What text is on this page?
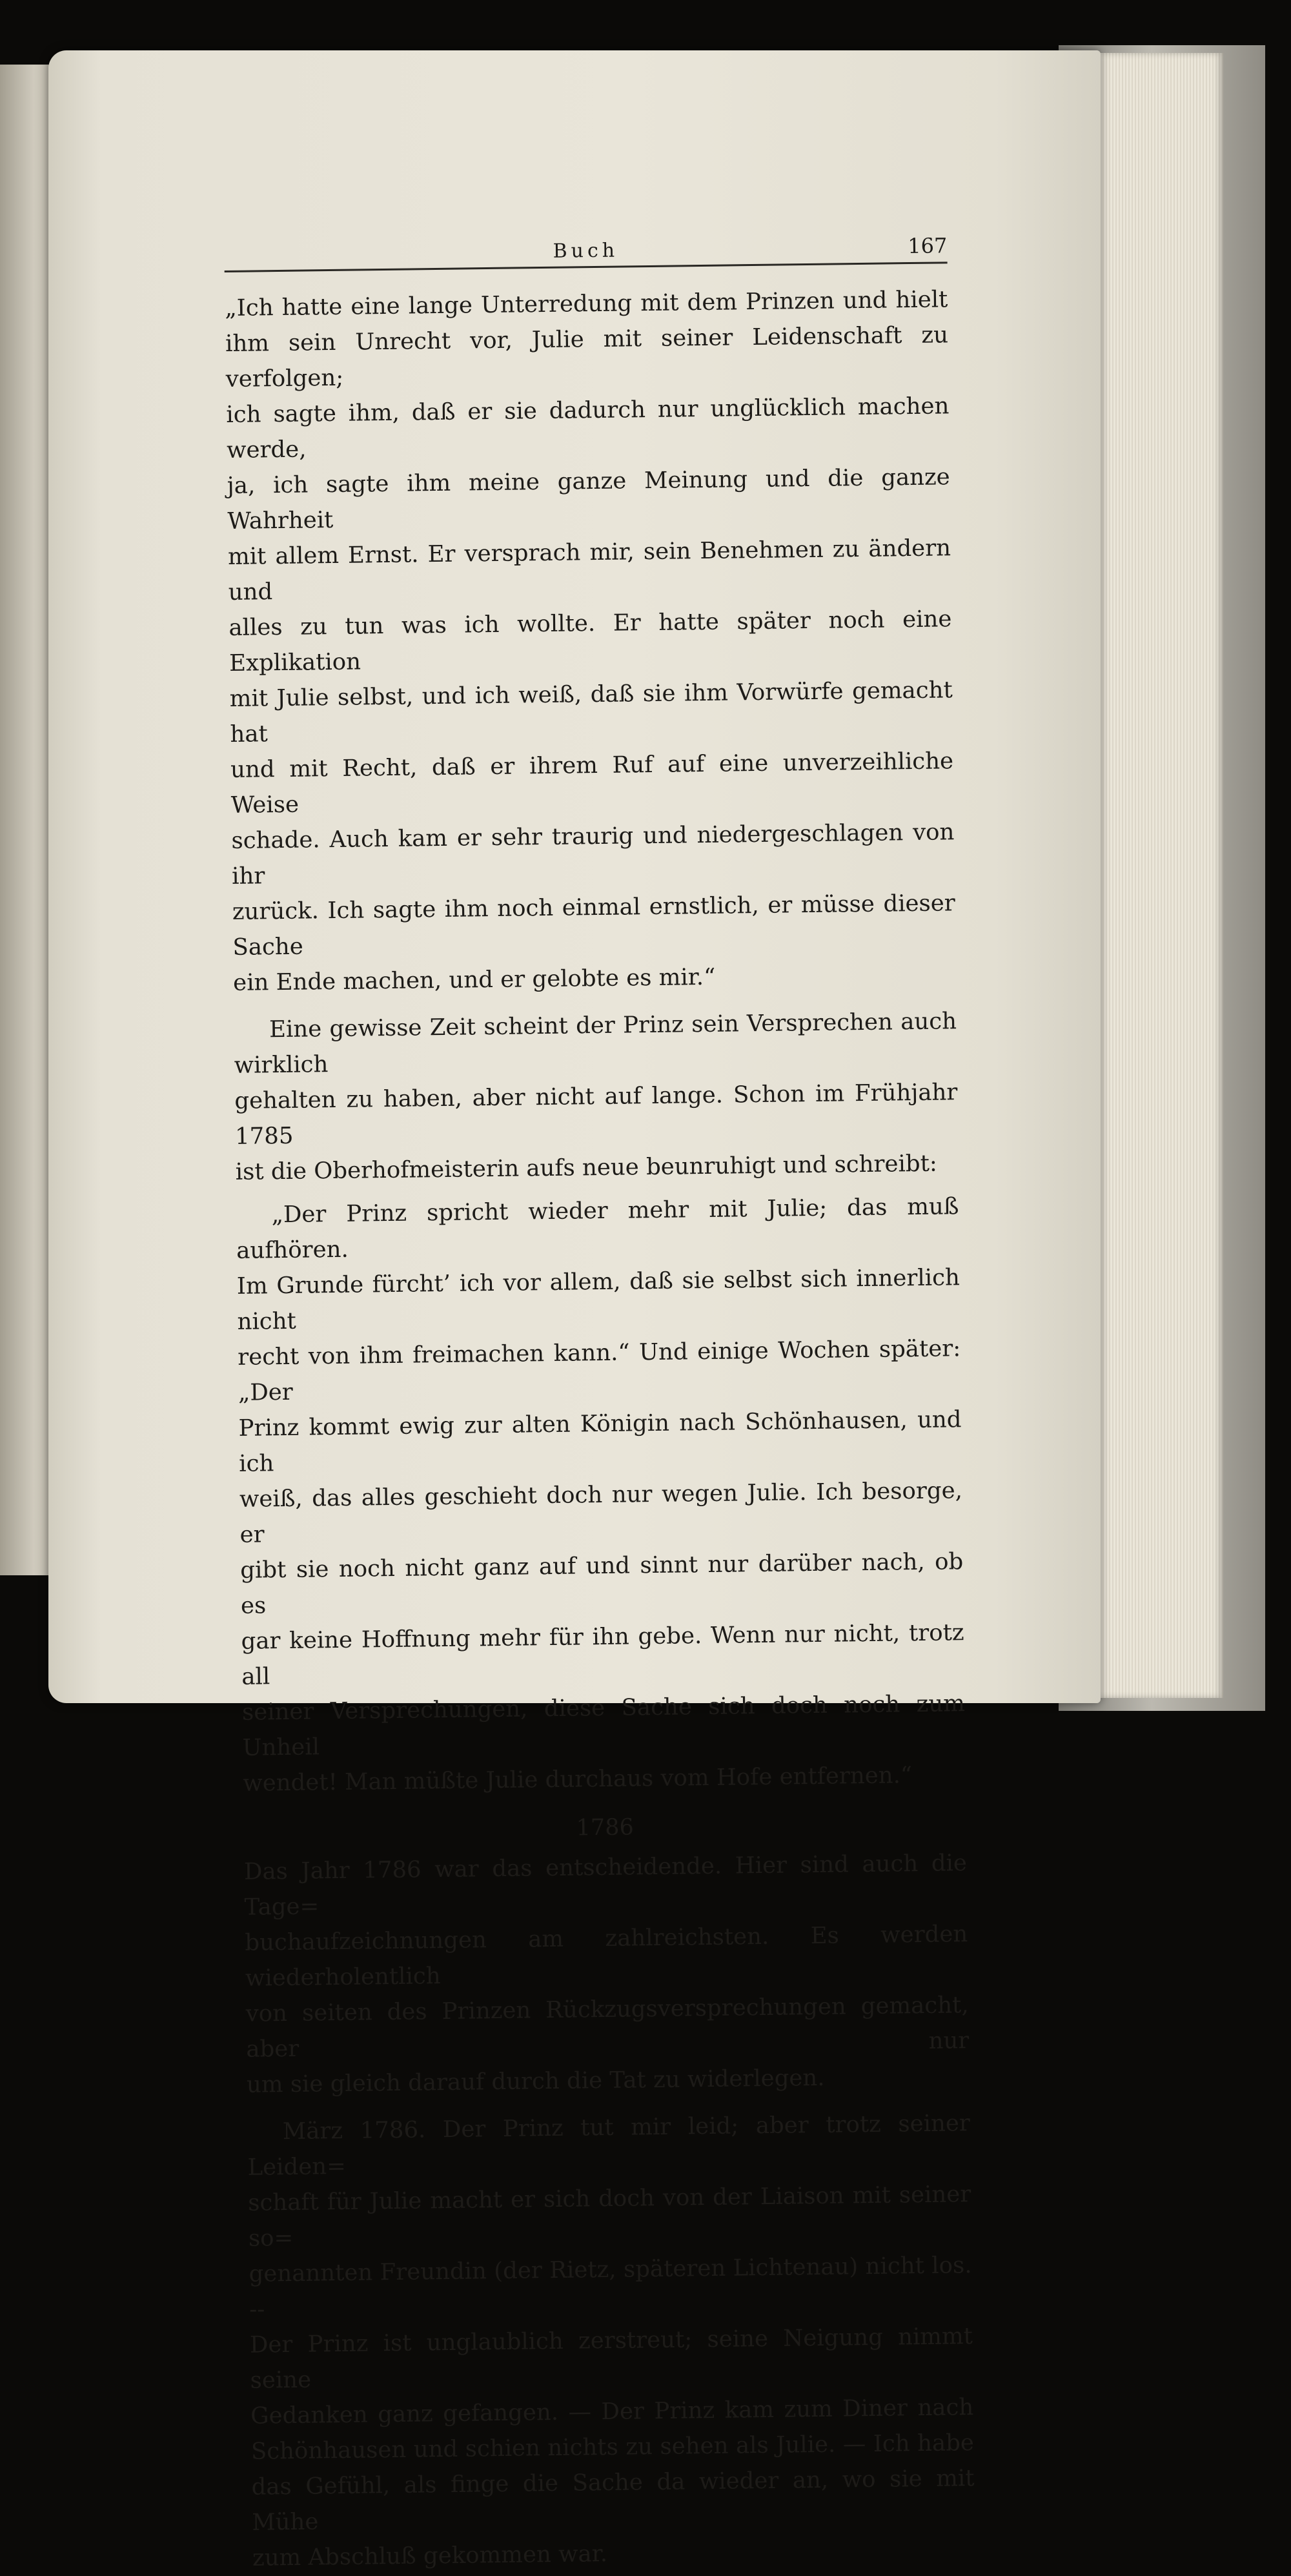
Buch	167

„Ich hatte eine lange Unterredung mit dem Prinzen und hielt
ihm sein Unrecht vor, Julie mit seiner Leidenschaft zu verfolgen;
ich sagte ihm, daß er sie dadurch nur unglücklich machen werde,
ja, ich sagte ihm meine ganze Meinung und die ganze Wahrheit
mit allem Ernst. Er versprach mir, sein Benehmen zu ändern und
alles zu tun was ich wollte. Er hatte später noch eine Explikation
mit Julie selbst, und ich weiß, daß sie ihm Vorwürfe gemacht hat
und mit Recht, daß er ihrem Ruf auf eine unverzeihliche Weise
schade. Auch kam er sehr traurig und niedergeschlagen von ihr
zurück. Ich sagte ihm noch einmal ernstlich, er müsse dieser Sache
ein Ende machen, und er gelobte es mir.“

Eine gewisse Zeit scheint der Prinz sein Versprechen auch wirklich
gehalten zu haben, aber nicht auf lange. Schon im Frühjahr 1785
ist die Oberhofmeisterin aufs neue beunruhigt und schreibt:

„Der Prinz spricht wieder mehr mit Julie; das muß aufhören.
Im Grunde fürcht’ ich vor allem, daß sie selbst sich innerlich nicht
recht von ihm freimachen kann.“ Und einige Wochen später: „Der
Prinz kommt ewig zur alten Königin nach Schönhausen, und ich
weiß, das alles geschieht doch nur wegen Julie. Ich besorge, er
gibt sie noch nicht ganz auf und sinnt nur darüber nach, ob es
gar keine Hoffnung mehr für ihn gebe. Wenn nur nicht, trotz all
seiner Versprechungen, diese Sache sich doch noch zum Unheil
wendet! Man müßte Julie durchaus vom Hofe entfernen.“

1786

Das Jahr 1786 war das entscheidende. Hier sind auch die Tage=
buchaufzeichnungen am zahlreichsten. Es werden wiederholentlich
von seiten des Prinzen Rückzugsversprechungen gemacht, aber nur
um sie gleich darauf durch die Tat zu widerlegen.

März 1786. Der Prinz tut mir leid; aber trotz seiner Leiden=
schaft für Julie macht er sich doch von der Liaison mit seiner so=
genannten Freundin (der Rietz, späteren Lichtenau) nicht los. --
Der Prinz ist unglaublich zerstreut; seine Neigung nimmt seine
Gedanken ganz gefangen. — Der Prinz kam zum Diner nach
Schönhausen und schien nichts zu sehen als Julie. — Ich habe
das Gefühl, als finge die Sache da wieder an, wo sie mit Mühe
zum Abschluß gekommen war.
